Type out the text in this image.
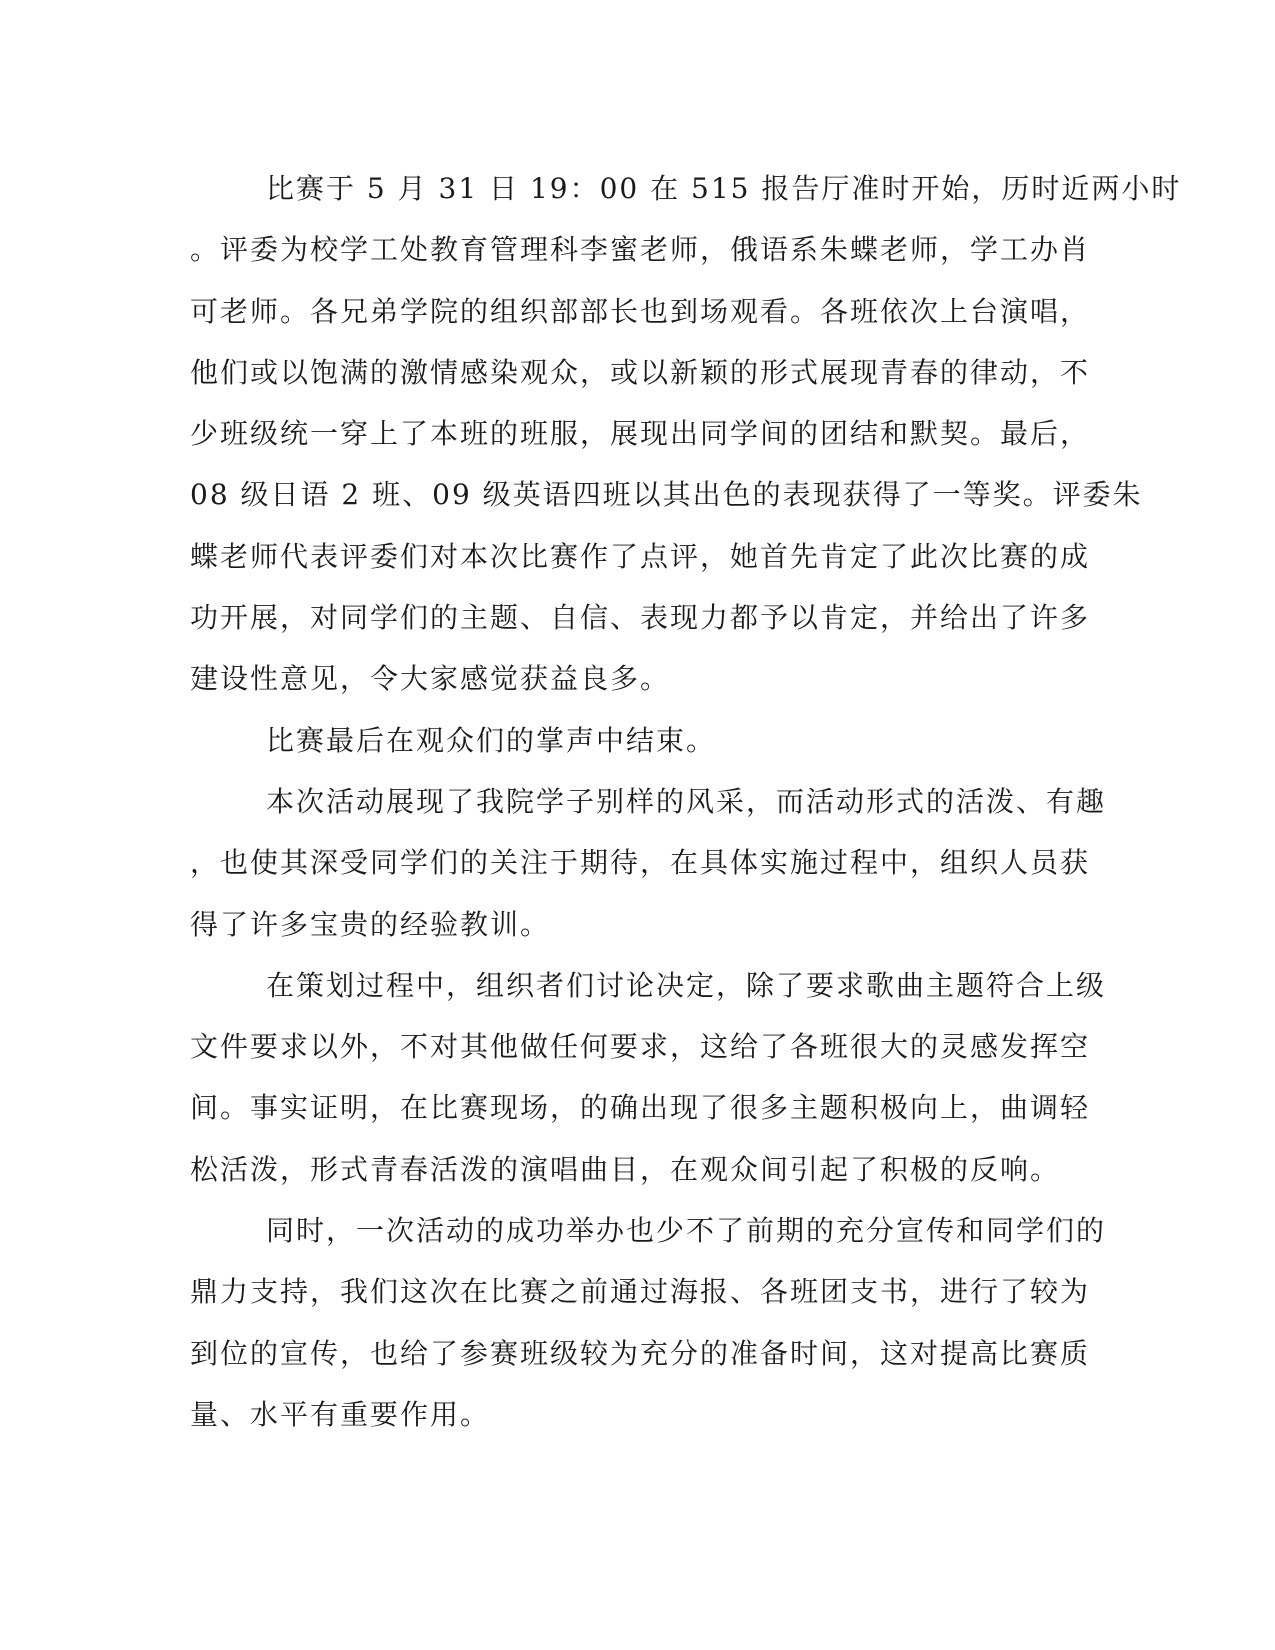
比赛于 5 月 31 日 19：00 在 515 报告厅准时开始，历时近两小时
。评委为校学工处教育管理科李蜜老师，俄语系朱蝶老师，学工办肖
可老师。各兄弟学院的组织部部长也到场观看。各班依次上台演唱，
他们或以饱满的激情感染观众，或以新颖的形式展现青春的律动，不
少班级统一穿上了本班的班服，展现出同学间的团结和默契。最后，
08 级日语 2 班、09 级英语四班以其出色的表现获得了一等奖。评委朱
蝶老师代表评委们对本次比赛作了点评，她首先肯定了此次比赛的成
功开展，对同学们的主题、自信、表现力都予以肯定，并给出了许多
建设性意见，令大家感觉获益良多。
比赛最后在观众们的掌声中结束。
本次活动展现了我院学子别样的风采，而活动形式的活泼、有趣
，也使其深受同学们的关注于期待，在具体实施过程中，组织人员获
得了许多宝贵的经验教训。
在策划过程中，组织者们讨论决定，除了要求歌曲主题符合上级
文件要求以外，不对其他做任何要求，这给了各班很大的灵感发挥空
间。事实证明，在比赛现场，的确出现了很多主题积极向上，曲调轻
松活泼，形式青春活泼的演唱曲目，在观众间引起了积极的反响。
同时，一次活动的成功举办也少不了前期的充分宣传和同学们的
鼎力支持，我们这次在比赛之前通过海报、各班团支书，进行了较为
到位的宣传，也给了参赛班级较为充分的准备时间，这对提高比赛质
量、水平有重要作用。
